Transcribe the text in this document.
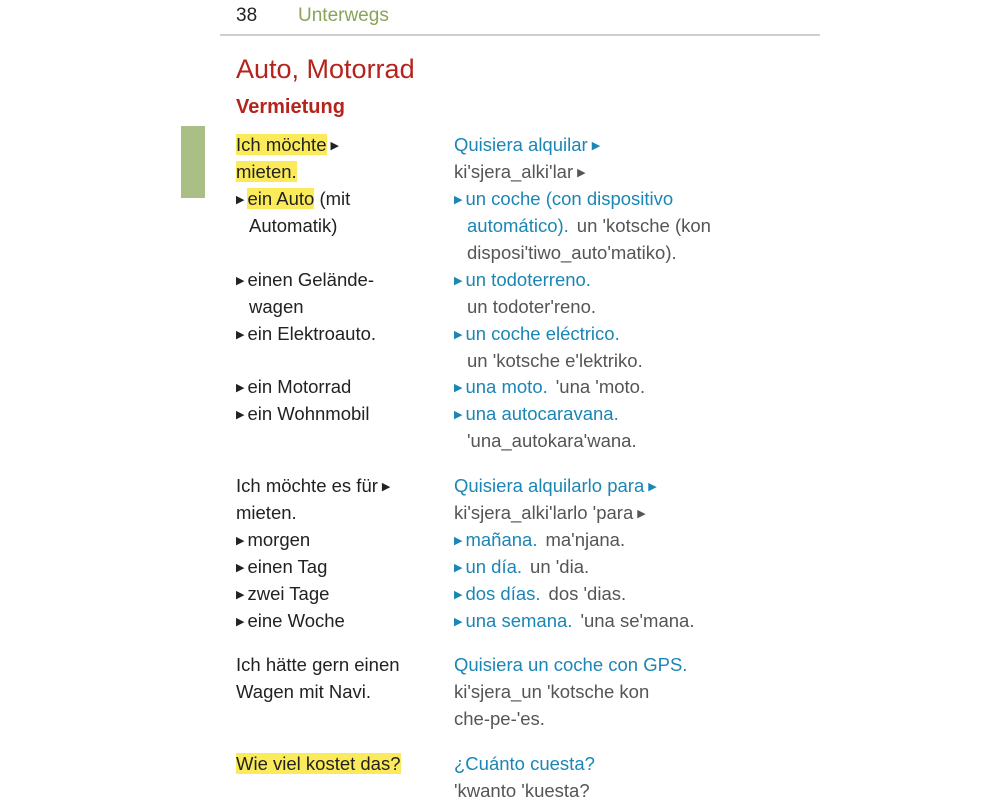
38 Unterwegs
Auto, Motorrad
Vermietung
Ich möchte ▶
mieten.
▶ ein Auto (mit
Automatik)
▶ einen Gelände-
wagen
▶ ein Elektroauto.
▶ ein Motorrad
▶ ein Wohnmobil
Ich möchte es für ▶
mieten.
▶ morgen
▶ einen Tag
▶ zwei Tage
▶ eine Woche
Ich hätte gern einen
Wagen mit Navi.
Wie viel kostet das?
Quisiera alquilar ▶
ki'sjera_alki'lar ▶
▶ un coche (con dispositivo
automático). un 'kotsche (kon
disposi'tiwo_auto'matiko).
▶ un todoterreno.
un todoter'reno.
▶ un coche eléctrico.
un 'kotsche e'lektriko.
▶ una moto. 'una 'moto.
▶ una autocaravana.
'una_autokara'wana.
Quisiera alquilarlo para ▶
ki'sjera_alki'larlo 'para ▶
▶ mañana. ma'njana.
▶ un día. un 'dia.
▶ dos días. dos 'dias.
▶ una semana. 'una se'mana.
Quisiera un coche con GPS.
ki'sjera_un 'kotsche kon
che-pe-'es.
¿Cuánto cuesta?
'kwanto 'kuesta?
